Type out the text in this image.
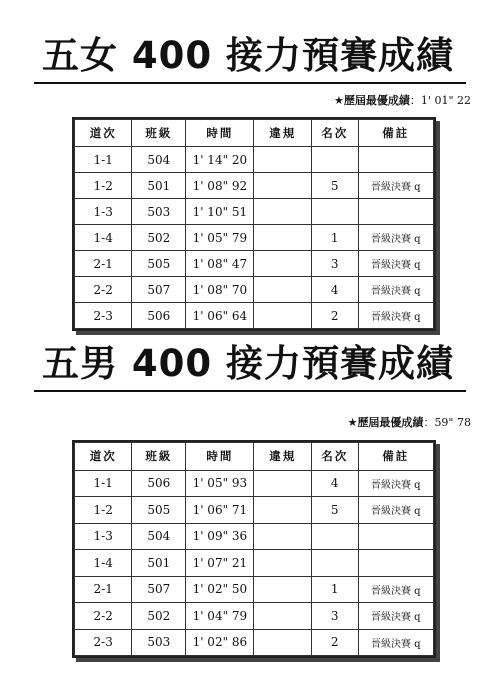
五女 400 接力預賽成績
★歷屆最優成績：1' 01" 22
道次	班級	時間	違規	名次	備註
1-1	504	1' 14" 20			
1-2	501	1' 08" 92		5	晉級決賽 q
1-3	503	1' 10" 51			
1-4	502	1' 05" 79		1	晉級決賽 q
2-1	505	1' 08" 47		3	晉級決賽 q
2-2	507	1' 08" 70		4	晉級決賽 q
2-3	506	1' 06" 64		2	晉級決賽 q
五男 400 接力預賽成績
★歷屆最優成績：59" 78
道次	班級	時間	違規	名次	備註
1-1	506	1' 05" 93		4	晉級決賽 q
1-2	505	1' 06" 71		5	晉級決賽 q
1-3	504	1' 09" 36			
1-4	501	1' 07" 21			
2-1	507	1' 02" 50		1	晉級決賽 q
2-2	502	1' 04" 79		3	晉級決賽 q
2-3	503	1' 02" 86		2	晉級決賽 q
